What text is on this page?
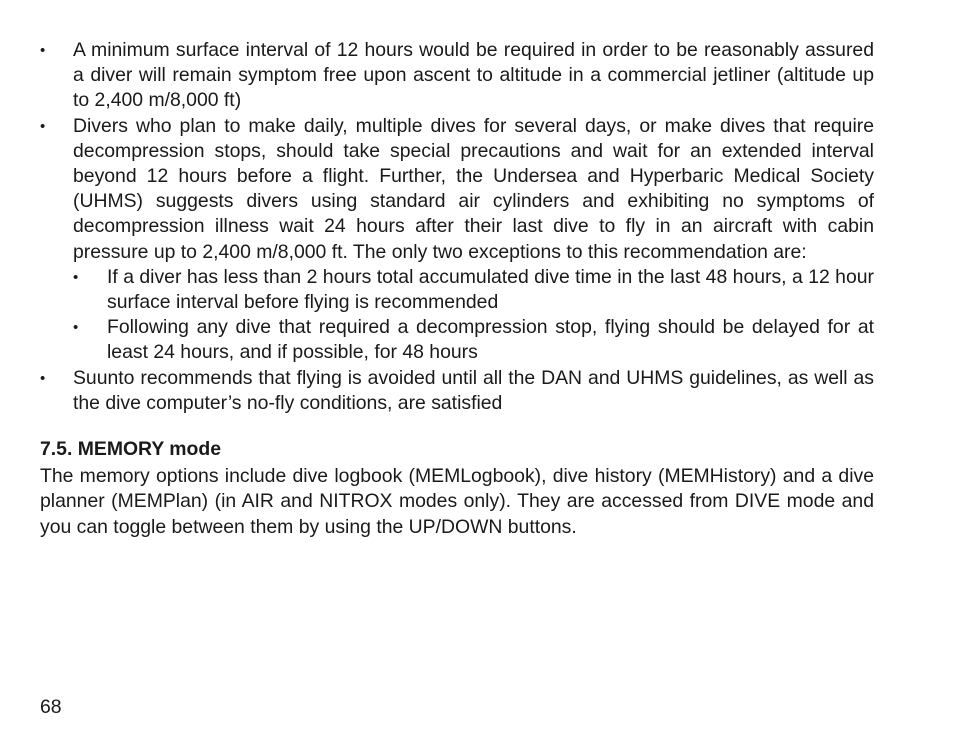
• A minimum surface interval of 12 hours would be required in order to be reasonably assured a diver will remain symptom free upon ascent to altitude in a commercial jetliner (altitude up to 2,400 m/8,000 ft)
• Divers who plan to make daily, multiple dives for several days, or make dives that require decompression stops, should take special precautions and wait for an extended interval beyond 12 hours before a flight. Further, the Undersea and Hyperbaric Medical Society (UHMS) suggests divers using standard air cylinders and exhibiting no symptoms of decompression illness wait 24 hours after their last dive to fly in an aircraft with cabin pressure up to 2,400 m/8,000 ft. The only two exceptions to this recommendation are:
• If a diver has less than 2 hours total accumulated dive time in the last 48 hours, a 12 hour surface interval before flying is recommended
• Following any dive that required a decompression stop, flying should be delayed for at least 24 hours, and if possible, for 48 hours
• Suunto recommends that flying is avoided until all the DAN and UHMS guidelines, as well as the dive computer’s no-fly conditions, are satisfied
7.5. MEMORY mode
The memory options include dive logbook (MEMLogbook), dive history (MEMHistory) and a dive planner (MEMPlan) (in AIR and NITROX modes only). They are accessed from DIVE mode and you can toggle between them by using the UP/DOWN buttons.
68
